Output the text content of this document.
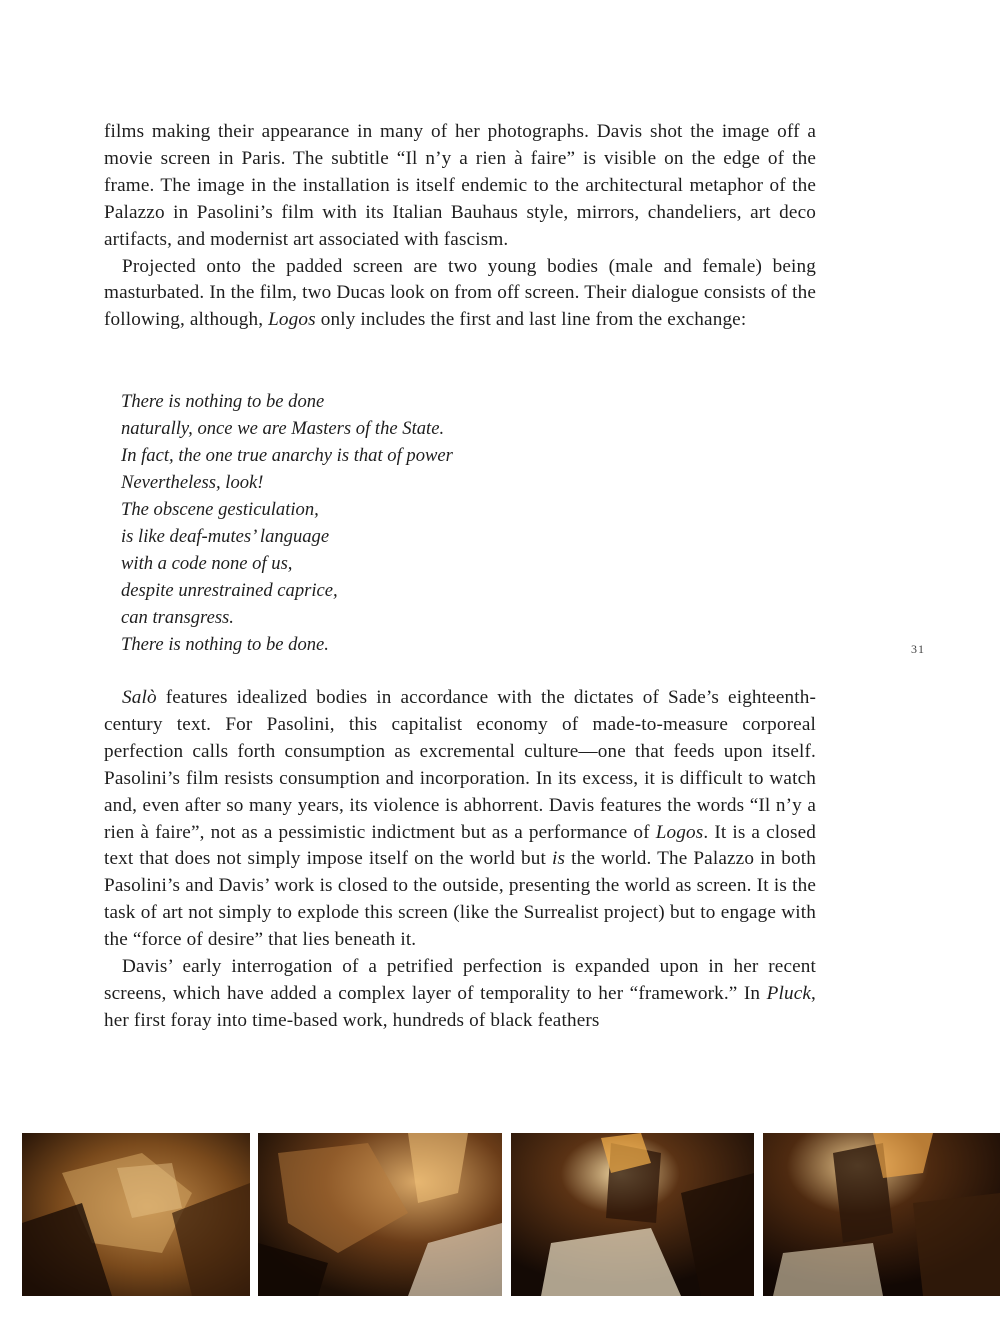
films making their appearance in many of her photographs. Davis shot the image off a movie screen in Paris. The subtitle “Il n’y a rien à faire” is visible on the edge of the frame. The image in the installation is itself endemic to the architectural metaphor of the Palazzo in Pasolini’s film with its Italian Bauhaus style, mirrors, chandeliers, art deco artifacts, and modernist art associated with fascism.

Projected onto the padded screen are two young bodies (male and female) being masturbated. In the film, two Ducas look on from off screen. Their dialogue consists of the following, although, Logos only includes the first and last line from the exchange:

There is nothing to be done
naturally, once we are Masters of the State.
In fact, the one true anarchy is that of power
Nevertheless, look!
The obscene gesticulation,
is like deaf-mutes’ language
with a code none of us,
despite unrestrained caprice,
can transgress.
There is nothing to be done.	31

Salò features idealized bodies in accordance with the dictates of Sade’s eighteenth-century text. For Pasolini, this capitalist economy of made-to-measure corporeal perfection calls forth consumption as excremental culture—one that feeds upon itself. Pasolini’s film resists consumption and incorporation. In its excess, it is difficult to watch and, even after so many years, its violence is abhorrent. Davis features the words “Il n’y a rien à faire”, not as a pessimistic indictment but as a performance of Logos. It is a closed text that does not simply impose itself on the world but is the world. The Palazzo in both Pasolini’s and Davis’ work is closed to the outside, presenting the world as screen. It is the task of art not simply to explode this screen (like the Surrealist project) but to engage with the “force of desire” that lies beneath it.

Davis’ early interrogation of a petrified perfection is expanded upon in her recent screens, which have added a complex layer of temporality to her “framework.” In Pluck, her first foray into time-based work, hundreds of black feathers
